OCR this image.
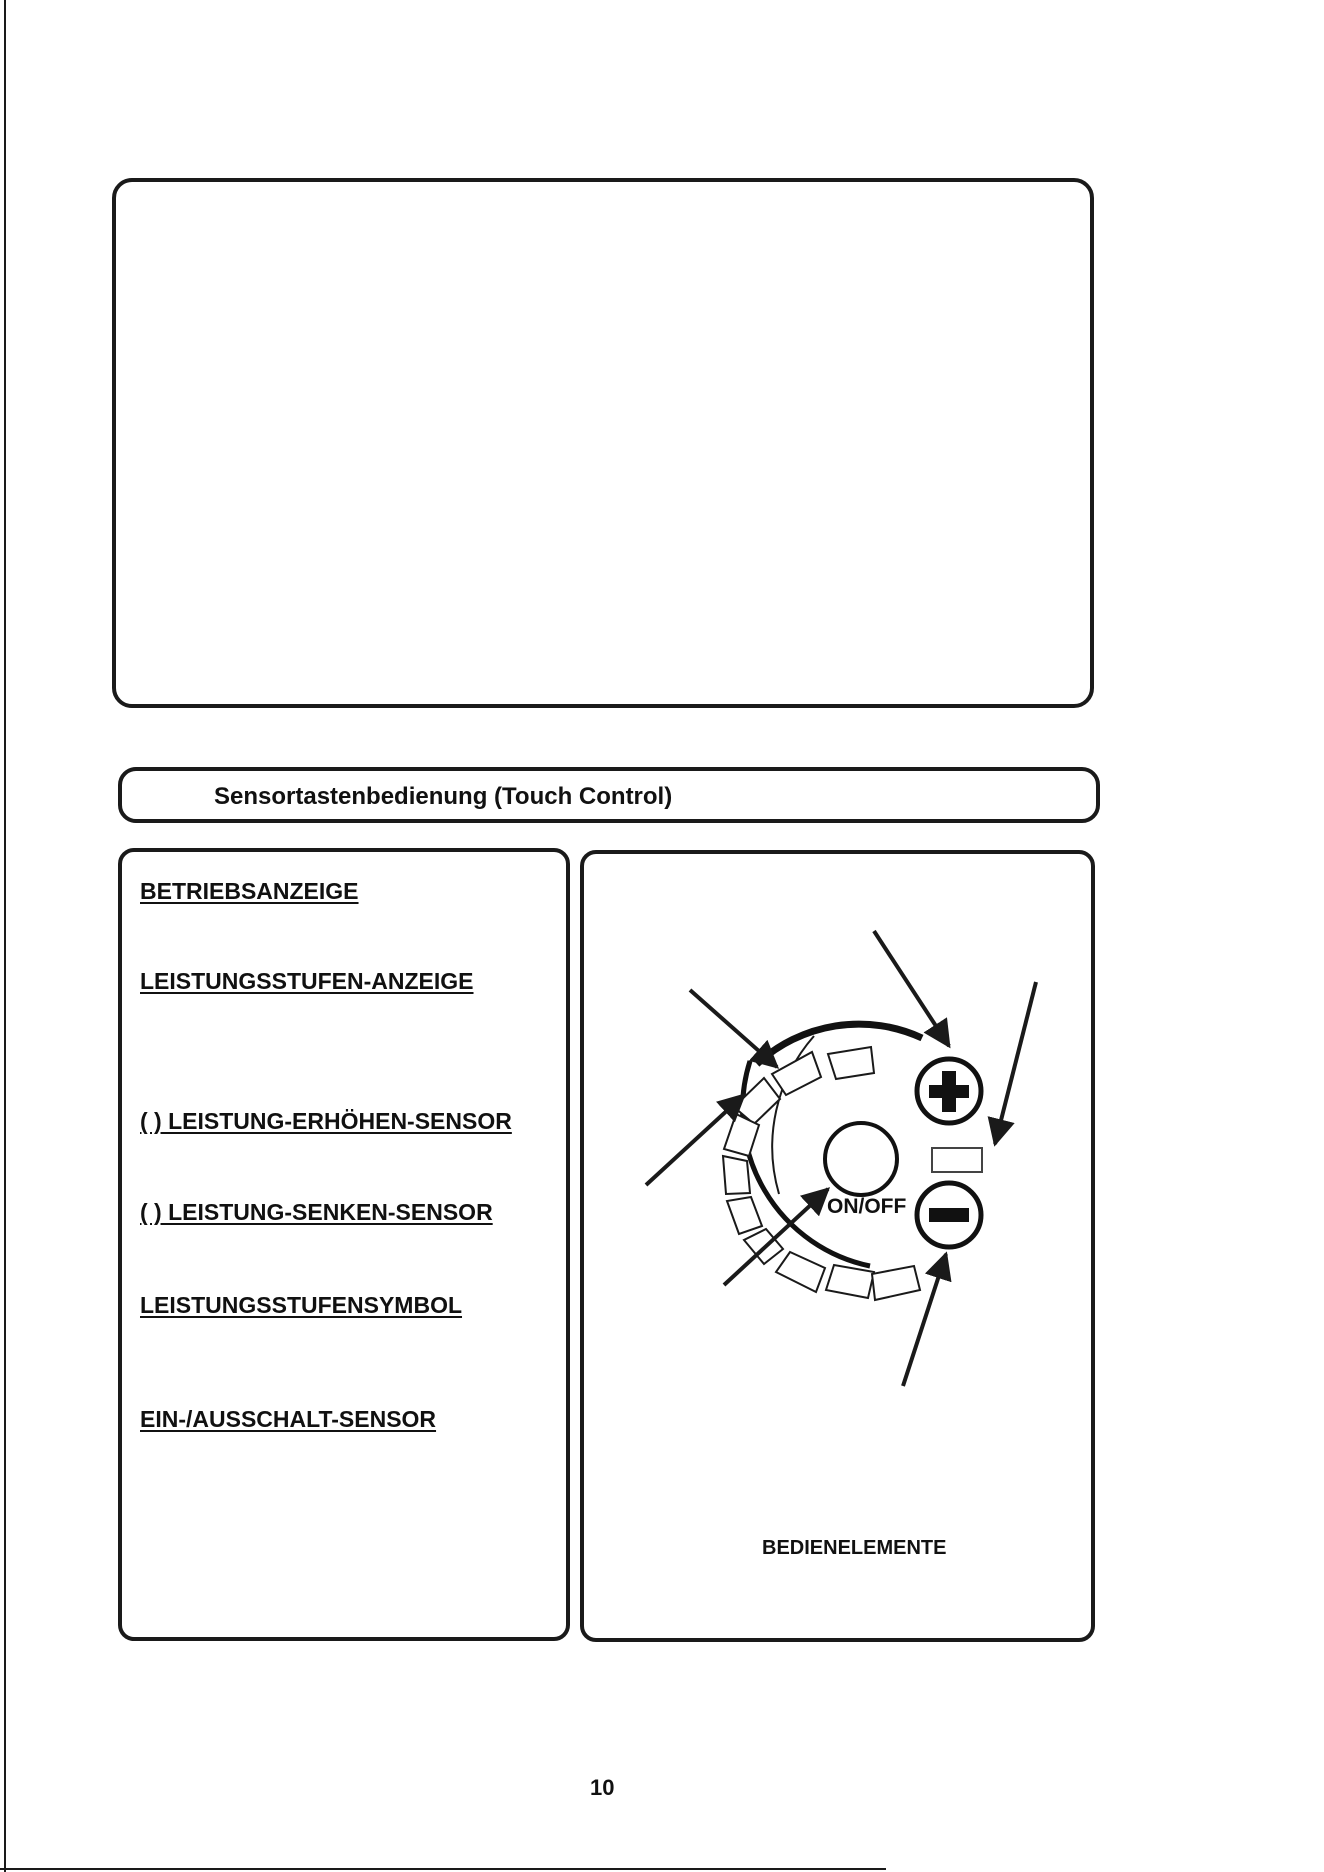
Sensortastenbedienung (Touch Control)
BETRIEBSANZEIGE
LEISTUNGSSTUFEN-ANZEIGE
( ) LEISTUNG-ERHÖHEN-SENSOR
( ) LEISTUNG-SENKEN-SENSOR
LEISTUNGSSTUFENSYMBOL
EIN-/AUSSCHALT-SENSOR
ON/OFF
BEDIENELEMENTE
10
